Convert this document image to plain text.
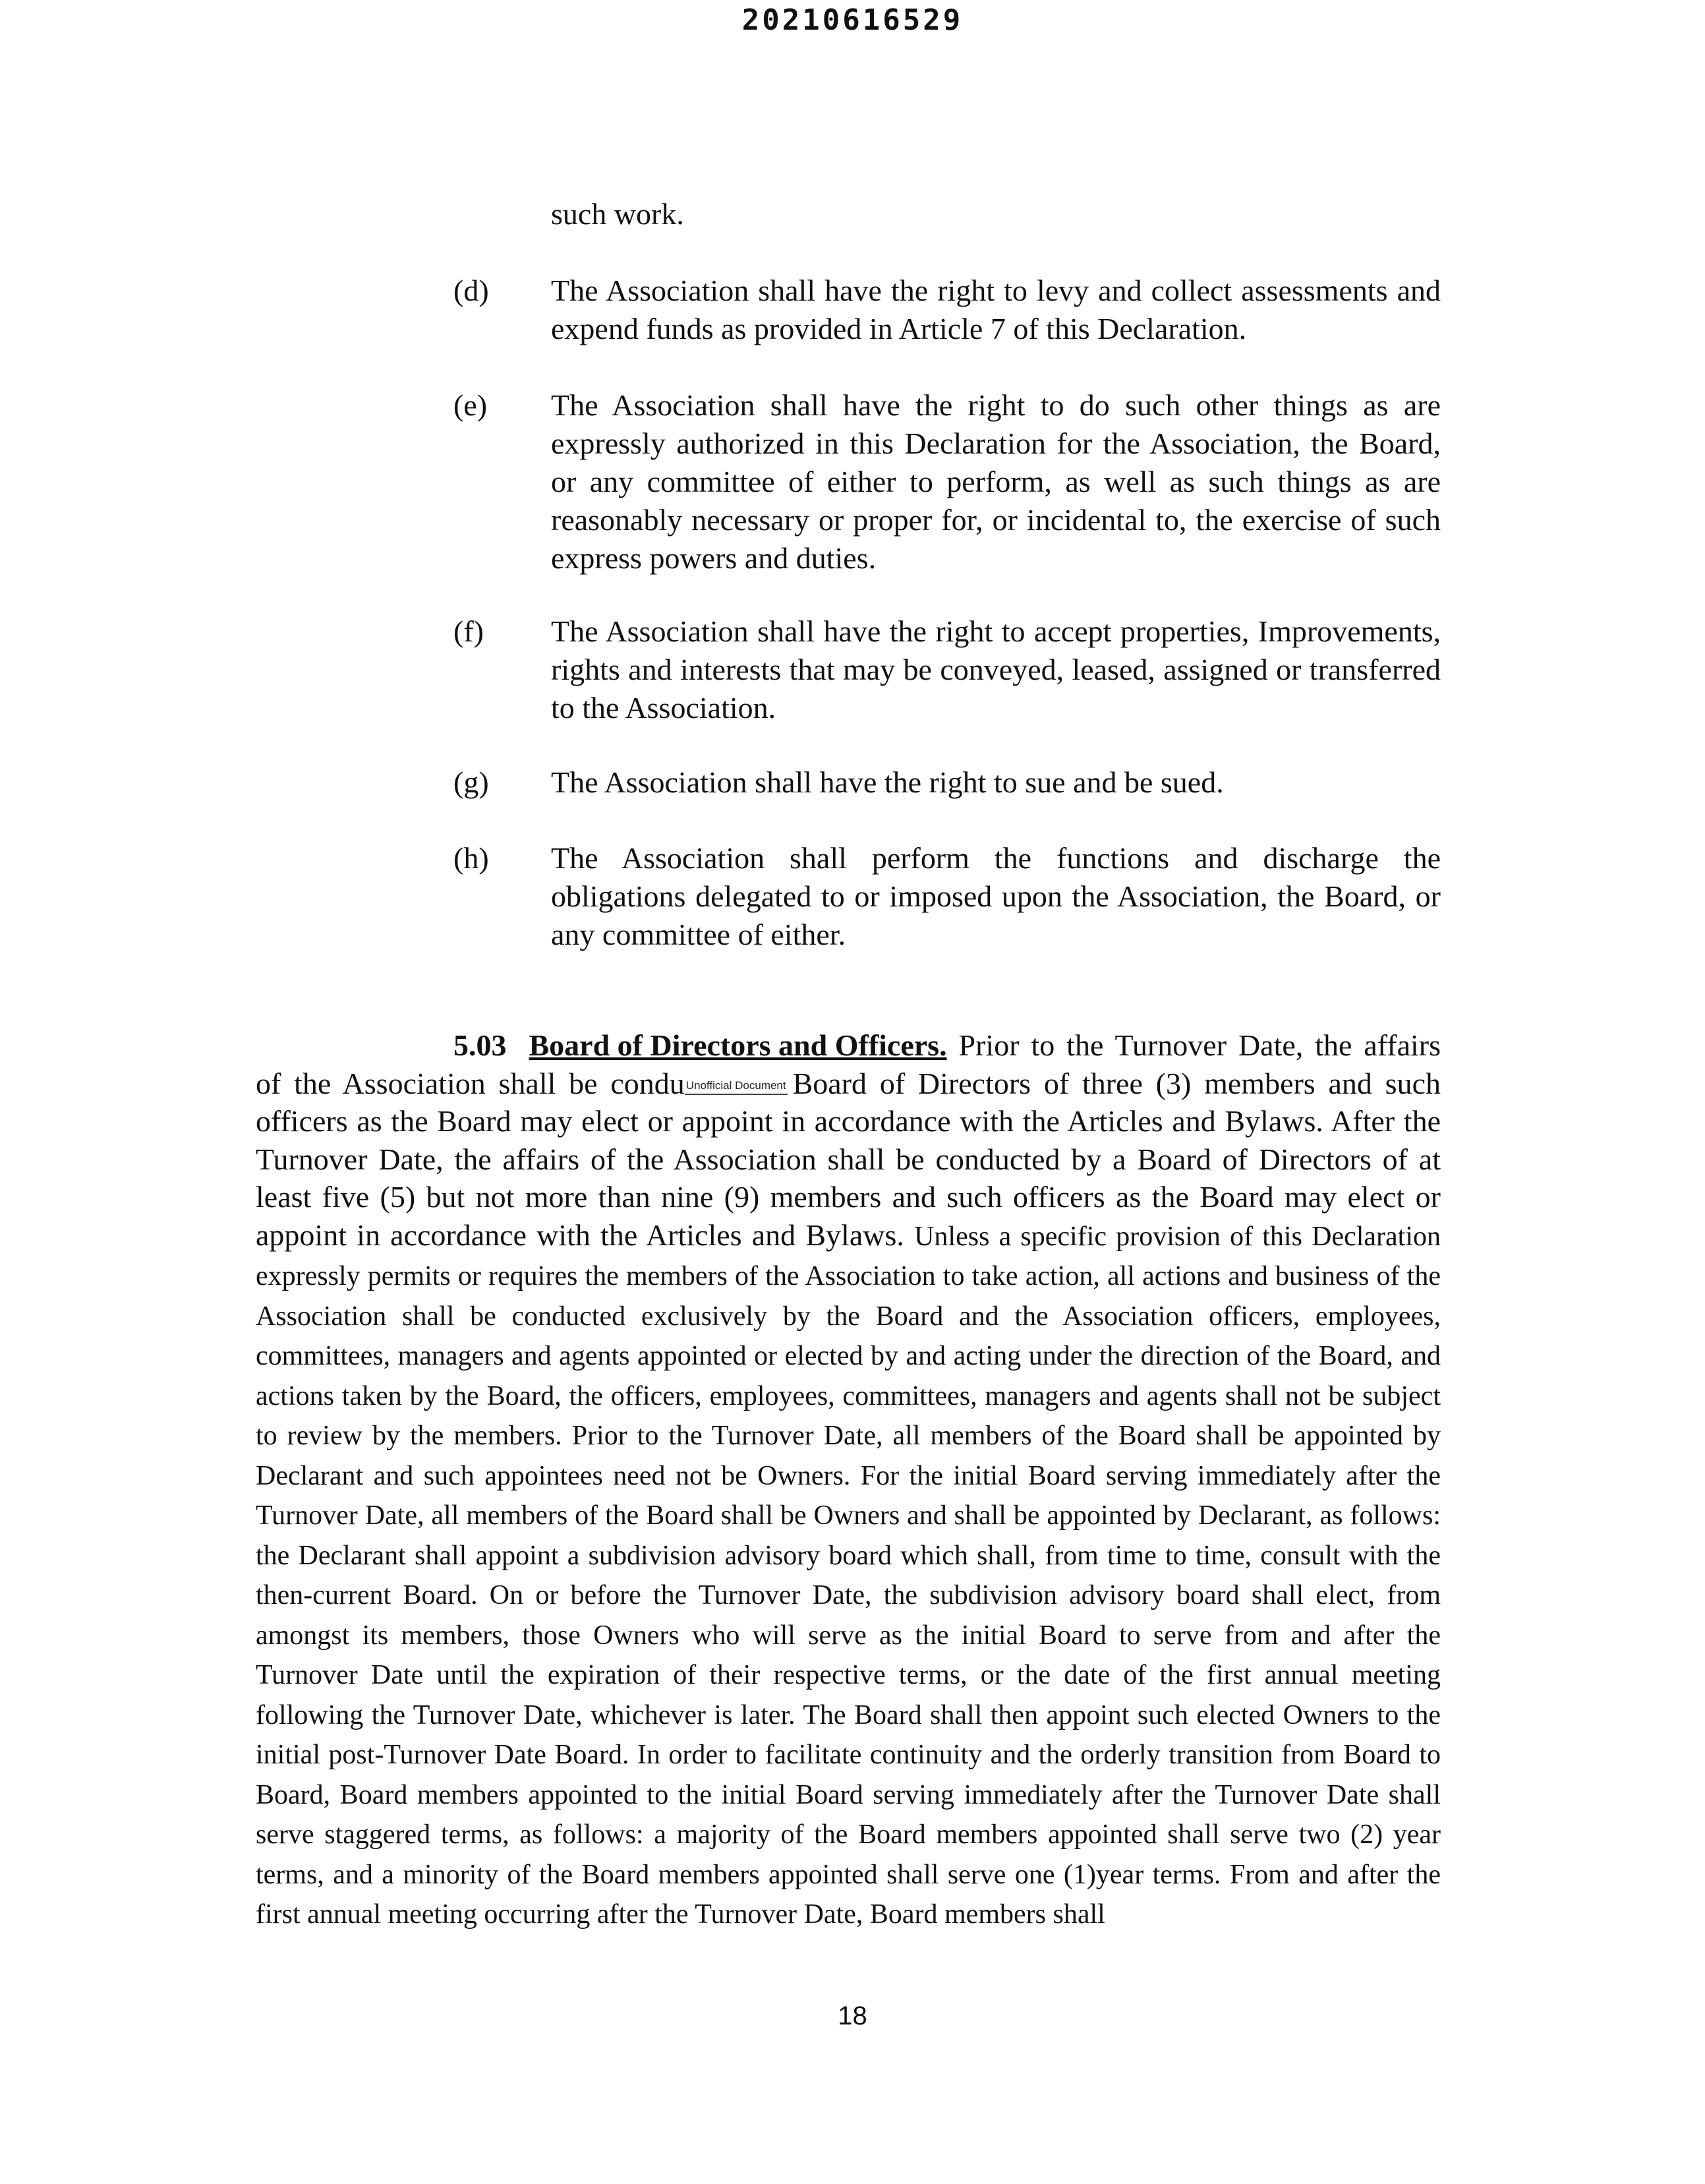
20210616529
such work.
(d) The Association shall have the right to levy and collect assessments and expend funds as provided in Article 7 of this Declaration.
(e) The Association shall have the right to do such other things as are expressly authorized in this Declaration for the Association, the Board, or any committee of either to perform, as well as such things as are reasonably necessary or proper for, or incidental to, the exercise of such express powers and duties.
(f) The Association shall have the right to accept properties, Improvements, rights and interests that may be conveyed, leased, assigned or transferred to the Association.
(g) The Association shall have the right to sue and be sued.
(h) The Association shall perform the functions and discharge the obligations delegated to or imposed upon the Association, the Board, or any committee of either.
5.03 Board of Directors and Officers. Prior to the Turnover Date, the affairs of the Association shall be condu Unofficial Document Board of Directors of three (3) members and such officers as the Board may elect or appoint in accordance with the Articles and Bylaws. After the Turnover Date, the affairs of the Association shall be conducted by a Board of Directors of at least five (5) but not more than nine (9) members and such officers as the Board may elect or appoint in accordance with the Articles and Bylaws. Unless a specific provision of this Declaration expressly permits or requires the members of the Association to take action, all actions and business of the Association shall be conducted exclusively by the Board and the Association officers, employees, committees, managers and agents appointed or elected by and acting under the direction of the Board, and actions taken by the Board, the officers, employees, committees, managers and agents shall not be subject to review by the members. Prior to the Turnover Date, all members of the Board shall be appointed by Declarant and such appointees need not be Owners. For the initial Board serving immediately after the Turnover Date, all members of the Board shall be Owners and shall be appointed by Declarant, as follows: the Declarant shall appoint a subdivision advisory board which shall, from time to time, consult with the then-current Board. On or before the Turnover Date, the subdivision advisory board shall elect, from amongst its members, those Owners who will serve as the initial Board to serve from and after the Turnover Date until the expiration of their respective terms, or the date of the first annual meeting following the Turnover Date, whichever is later. The Board shall then appoint such elected Owners to the initial post-Turnover Date Board. In order to facilitate continuity and the orderly transition from Board to Board, Board members appointed to the initial Board serving immediately after the Turnover Date shall serve staggered terms, as follows: a majority of the Board members appointed shall serve two (2) year terms, and a minority of the Board members appointed shall serve one (1)year terms. From and after the first annual meeting occurring after the Turnover Date, Board members shall
18
